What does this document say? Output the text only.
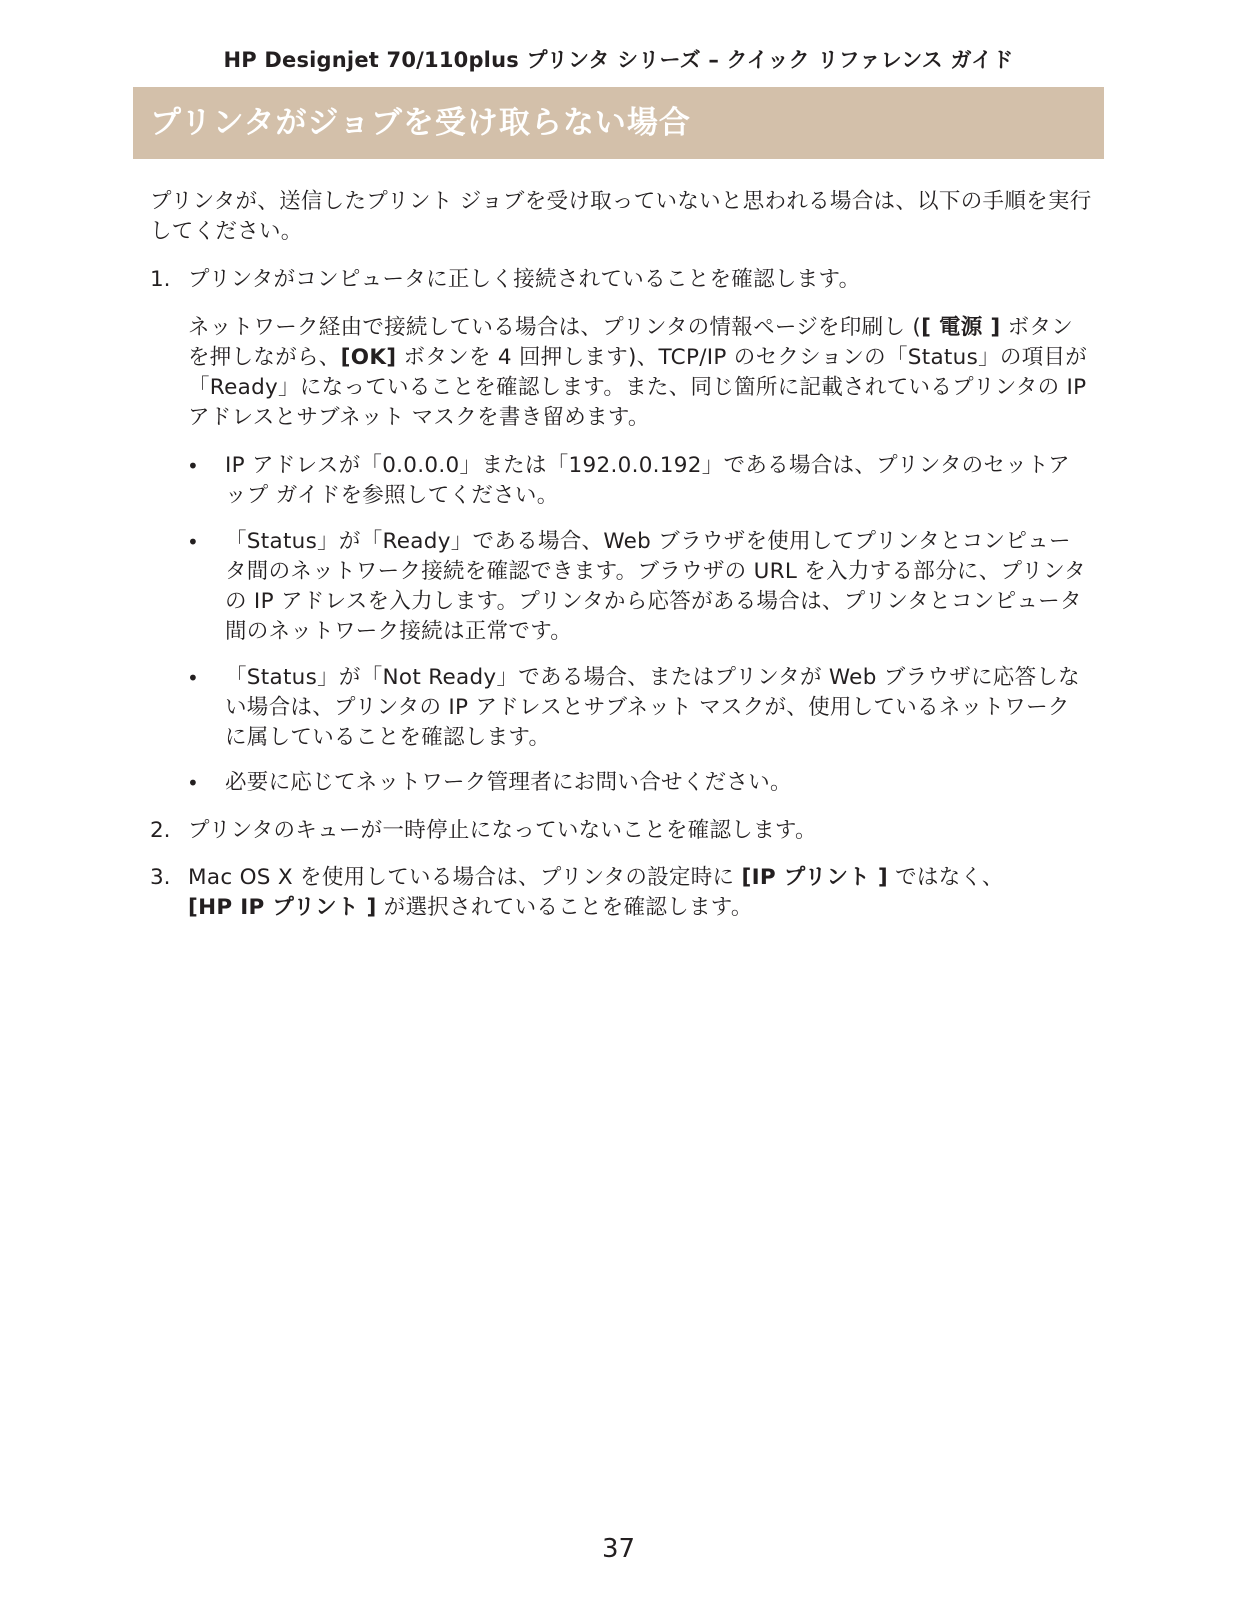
HP Designjet 70/110plus プリンタ シリーズ – クイック リファレンス ガイド
プリンタがジョブを受け取らない場合
プリンタが、送信したプリント ジョブを受け取っていないと思われる場合は、以下の手順を実行してください。
1. プリンタがコンピュータに正しく接続されていることを確認します。
ネットワーク経由で接続している場合は、プリンタの情報ページを印刷し ([ 電源 ] ボタンを押しながら、[OK] ボタンを 4 回押します)、TCP/IP のセクションの「Status」の項目が「Ready」になっていることを確認します。また、同じ箇所に記載されているプリンタの IP アドレスとサブネット マスクを書き留めます。
• IP アドレスが「0.0.0.0」または「192.0.0.192」である場合は、プリンタのセットアップ ガイドを参照してください。
• 「Status」が「Ready」である場合、Web ブラウザを使用してプリンタとコンピュータ間のネットワーク接続を確認できます。ブラウザの URL を入力する部分に、プリンタの IP アドレスを入力します。プリンタから応答がある場合は、プリンタとコンピュータ間のネットワーク接続は正常です。
• 「Status」が「Not Ready」である場合、またはプリンタが Web ブラウザに応答しない場合は、プリンタの IP アドレスとサブネット マスクが、使用しているネットワークに属していることを確認します。
• 必要に応じてネットワーク管理者にお問い合せください。
2. プリンタのキューが一時停止になっていないことを確認します。
3. Mac OS X を使用している場合は、プリンタの設定時に [IP プリント ] ではなく、
[HP IP プリント ] が選択されていることを確認します。
37
